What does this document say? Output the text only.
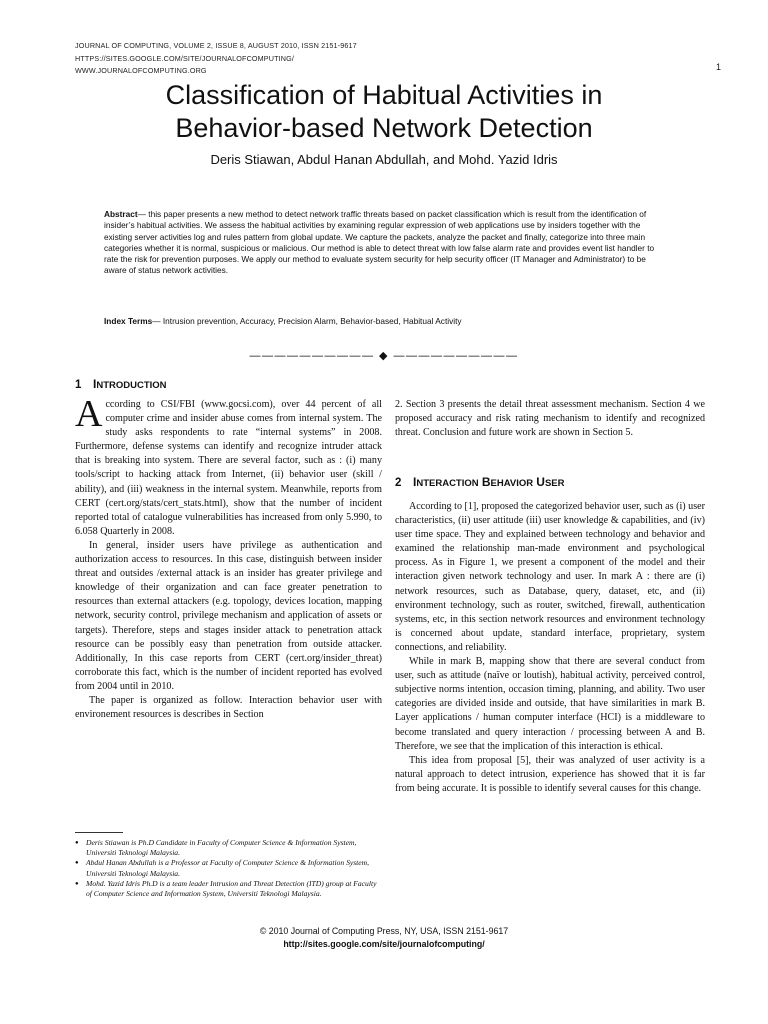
JOURNAL OF COMPUTING, VOLUME 2, ISSUE 8, AUGUST 2010, ISSN 2151-9617
HTTPS://SITES.GOOGLE.COM/SITE/JOURNALOFCOMPUTING/
WWW.JOURNALOFCOMPUTING.ORG	1
Classification of Habitual Activities in
Behavior-based Network Detection
Deris Stiawan, Abdul Hanan Abdullah, and Mohd. Yazid Idris
Abstract— this paper presents a new method to detect network traffic threats based on packet classification which is result from the identification of insider’s habitual activities. We assess the habitual activities by examining regular expression of web applications use by insiders together with the existing server activities log and rules pattern from global update. We capture the packets, analyze the packet and finally, categorize into three main categories whether it is normal, suspicious or malicious. Our method is able to detect threat with low false alarm rate and provides event list handler to rate the risk for prevention purposes. We apply our method to evaluate system security for help security officer (IT Manager and Administrator) to be aware of status network activities.
Index Terms— Intrusion prevention, Accuracy, Precision Alarm, Behavior-based, Habitual Activity
—————————— ◆ ——————————
1 INTRODUCTION

According to CSI/FBI (www.gocsi.com), over 44 percent of all computer crime and insider abuse comes from internal system. The study asks respondents to rate “internal systems” in 2008. Furthermore, defense systems can identify and recognize intruder attack that is breaking into system. There are several factor, such as : (i) many tools/script to hacking attack from Internet, (ii) behavior user (skill / ability), and (iii) weakness in the internal system. Meanwhile, reports from CERT (cert.org/stats/cert_stats.html), show that the number of incident reported total of catalogue vulnerabilities has increased from only 5.990, to 6.058 Quarterly in 2008.

In general, insider users have privilege as authentication and authorization access to resources. In this case, distinguish between insider threat and outsides /external attack is an insider has greater privilege and knowledge of their organization and can face greater penetration to resources than external attackers (e.g. topology, devices location, mapping network, security control, privilege mechanism and application of assets or targets). Therefore, steps and stages insider attack to penetration attack resource can be possibly easy than penetration from outside attacker. Additionally, In this case reports from CERT (cert.org/insider_threat) corroborate this fact, which is the number of incident reported has evolved from 2004 until in 2010.

The paper is organized as follow. Interaction behavior user with environement resources is describes in Section

2. Section 3 presents the detail threat assessment mechanism. Section 4 we proposed accuracy and risk rating mechanism to identify and recognized threat. Conclusion and future work are shown in Section 5.

2 INTERACTION BEHAVIOR USER

According to [1], proposed the categorized behavior user, such as (i) user characteristics, (ii) user attitude (iii) user knowledge & capabilities, and (iv) user time space. They and explained between technology and behavior and examined the relationship man-made environment and psychological process. As in Figure 1, we present a component of the model and their interaction given network technology and user. In mark A : there are (i) network resources, such as Database, query, dataset, etc, and (ii) environment technology, such as router, switched, firewall, authentication systems, etc, in this section network resources and environment technology is concerned about update, standard interface, proprietary, system connections, and reliability.

While in mark B, mapping show that there are several conduct from user, such as attitude (naïve or loutish), habitual activity, perceived control, subjective norms intention, occasion timing, planning, and ability. Two user categories are divided inside and outside, that have similarities in mark B. Layer applications / human computer interface (HCI) is a middleware to become translated and query interaction / processing between A and B. Therefore, we see that the implication of this interaction is ethical.

This idea from proposal [5], their was analyzed of user activity is a natural approach to detect intrusion, experience has showed that it is far from being accurate. It is possible to identify several causes for this change.

● Deris Stiawan is Ph.D Candidate in Faculty of Computer Science & Information System, Universiti Teknologi Malaysia.
● Abdul Hanan Abdullah is a Professor at Faculty of Computer Science & Information System, Universiti Teknologi Malaysia.
● Mohd. Yazid Idris Ph.D is a team leader Intrusion and Threat Detection (ITD) group at Faculty of Computer Science and Information System, Universiti Teknologi Malaysia.
© 2010 Journal of Computing Press, NY, USA, ISSN 2151-9617
http://sites.google.com/site/journalofcomputing/
